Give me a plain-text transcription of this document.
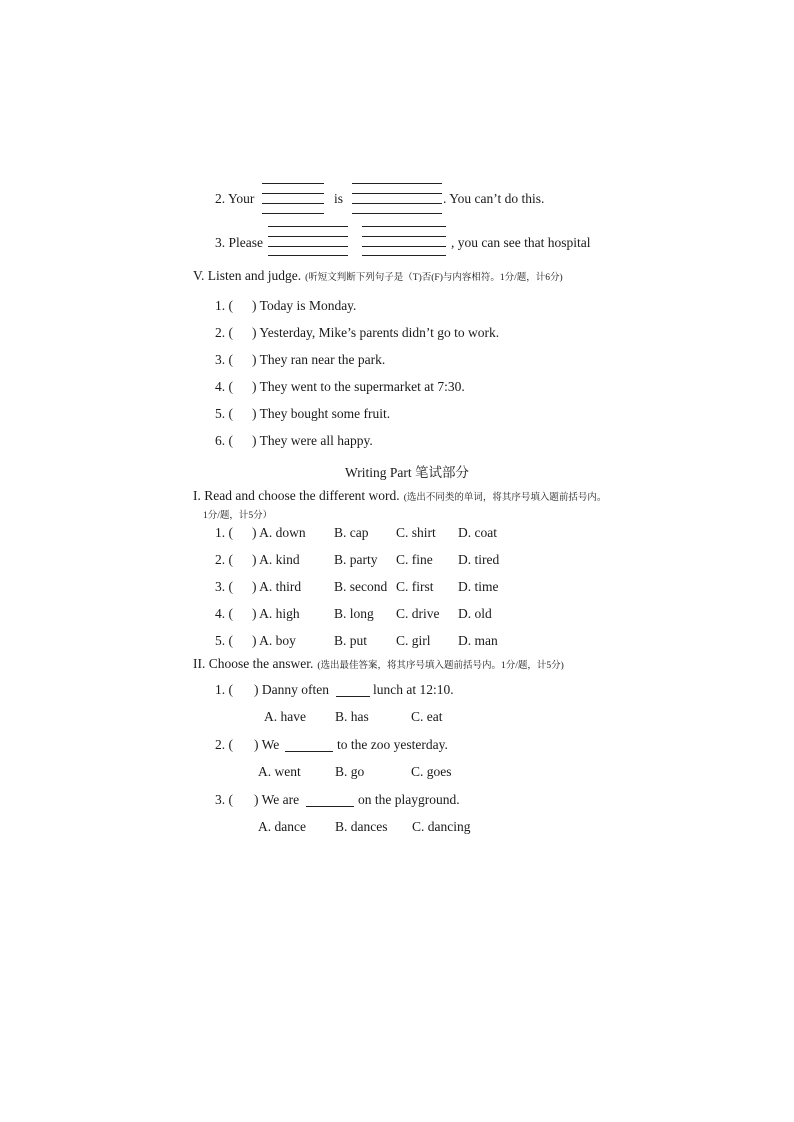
2. Your	is	. You can’t do this.
3. Please	, you can see that hospital
V. Listen and judge. (听短文判断下列句子是（T)否(F)与内容相符。1分/题，计6分)
1. ( ) Today is Monday.
2. ( ) Yesterday, Mike’s parents didn’t go to work.
3. ( ) They ran near the park.
4. ( ) They went to the supermarket at 7:30.
5. ( ) They bought some fruit.
6. ( ) They were all happy.
Writing Part 笔试部分
I. Read and choose the different word. (选出不同类的单词，将其序号填入题前括号内。
1分/题，计5分）
1. ( ) A. down B. cap C. shirt D. coat
2. ( ) A. kind	B. party C. fine D. tired
3. ( ) A. third B. second C. first D. time
4. ( ) A. high	B. long C. drive D. old
5. ( ) A. boy	B. put C. girl D. man
II. Choose the answer. (选出最佳答案，将其序号填入题前括号内。1分/题，计5分)
1. ( ) Danny often	lunch at 12:10.
A. have B. has	C. eat
2. ( ) We	to the zoo yesterday.
A. went	B. go	C. goes
3. ( ) We are	on the playground.
A. dance B. dances C. dancing
